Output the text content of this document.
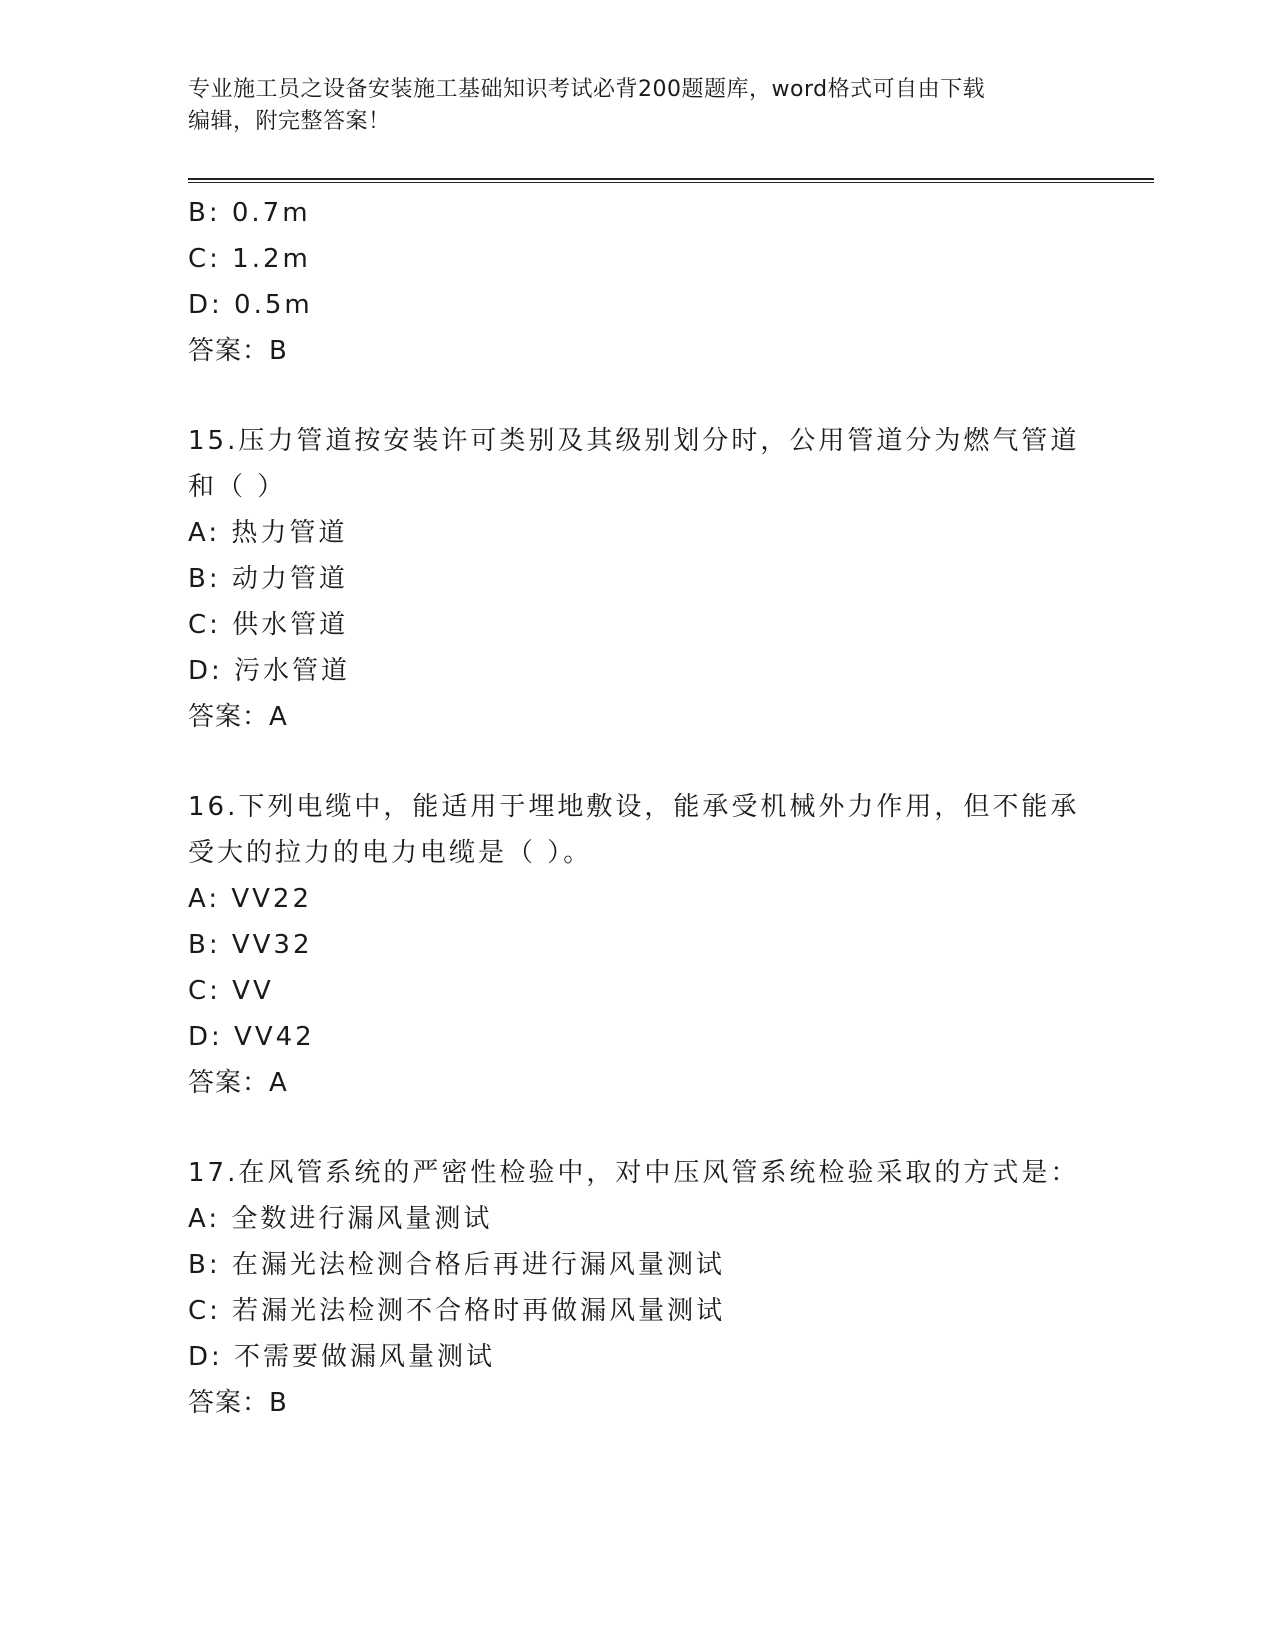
专业施工员之设备安装施工基础知识考试必背200题题库，word格式可自由下载
编辑，附完整答案！
B: 0.7m
C: 1.2m
D: 0.5m
答案：B
15.压力管道按安装许可类别及其级别划分时，公用管道分为燃气管道
和（ ）
A: 热力管道
B: 动力管道
C: 供水管道
D: 污水管道
答案：A
16.下列电缆中，能适用于埋地敷设，能承受机械外力作用，但不能承
受大的拉力的电力电缆是（ ）。
A: VV22
B: VV32
C: VV
D: VV42
答案：A
17.在风管系统的严密性检验中，对中压风管系统检验采取的方式是：
A: 全数进行漏风量测试
B: 在漏光法检测合格后再进行漏风量测试
C: 若漏光法检测不合格时再做漏风量测试
D: 不需要做漏风量测试
答案：B
